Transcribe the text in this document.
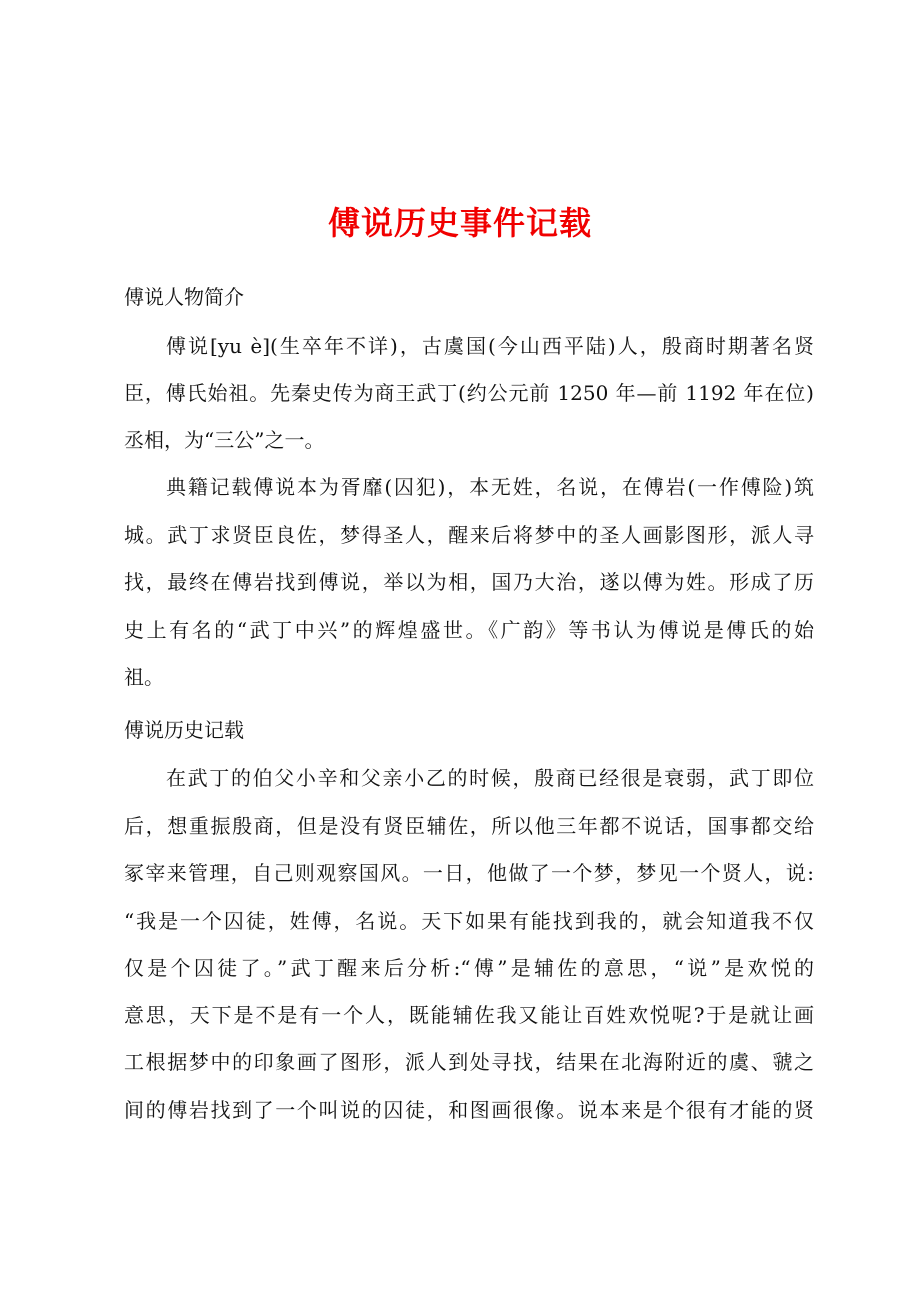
傅说历史事件记载
傅说人物简介
傅说[yu è](生卒年不详)，古虞国(今山西平陆)人，殷商时期著名贤
臣，傅氏始祖。先秦史传为商王武丁(约公元前 1250 年—前 1192 年在位)
丞相，为“三公”之一。
典籍记载傅说本为胥靡(囚犯)，本无姓，名说，在傅岩(一作傅险)筑
城。武丁求贤臣良佐，梦得圣人，醒来后将梦中的圣人画影图形，派人寻
找，最终在傅岩找到傅说，举以为相，国乃大治，遂以傅为姓。形成了历
史上有名的“武丁中兴”的辉煌盛世。《广韵》等书认为傅说是傅氏的始
祖。
傅说历史记载
在武丁的伯父小辛和父亲小乙的时候，殷商已经很是衰弱，武丁即位
后，想重振殷商，但是没有贤臣辅佐，所以他三年都不说话，国事都交给
冢宰来管理，自己则观察国风。一日，他做了一个梦，梦见一个贤人，说:
“我是一个囚徒，姓傅，名说。天下如果有能找到我的，就会知道我不仅
仅是个囚徒了。”武丁醒来后分析:“傅”是辅佐的意思，“说”是欢悦的
意思，天下是不是有一个人，既能辅佐我又能让百姓欢悦呢?于是就让画
工根据梦中的印象画了图形，派人到处寻找，结果在北海附近的虞、虢之
间的傅岩找到了一个叫说的囚徒，和图画很像。说本来是个很有才能的贤
